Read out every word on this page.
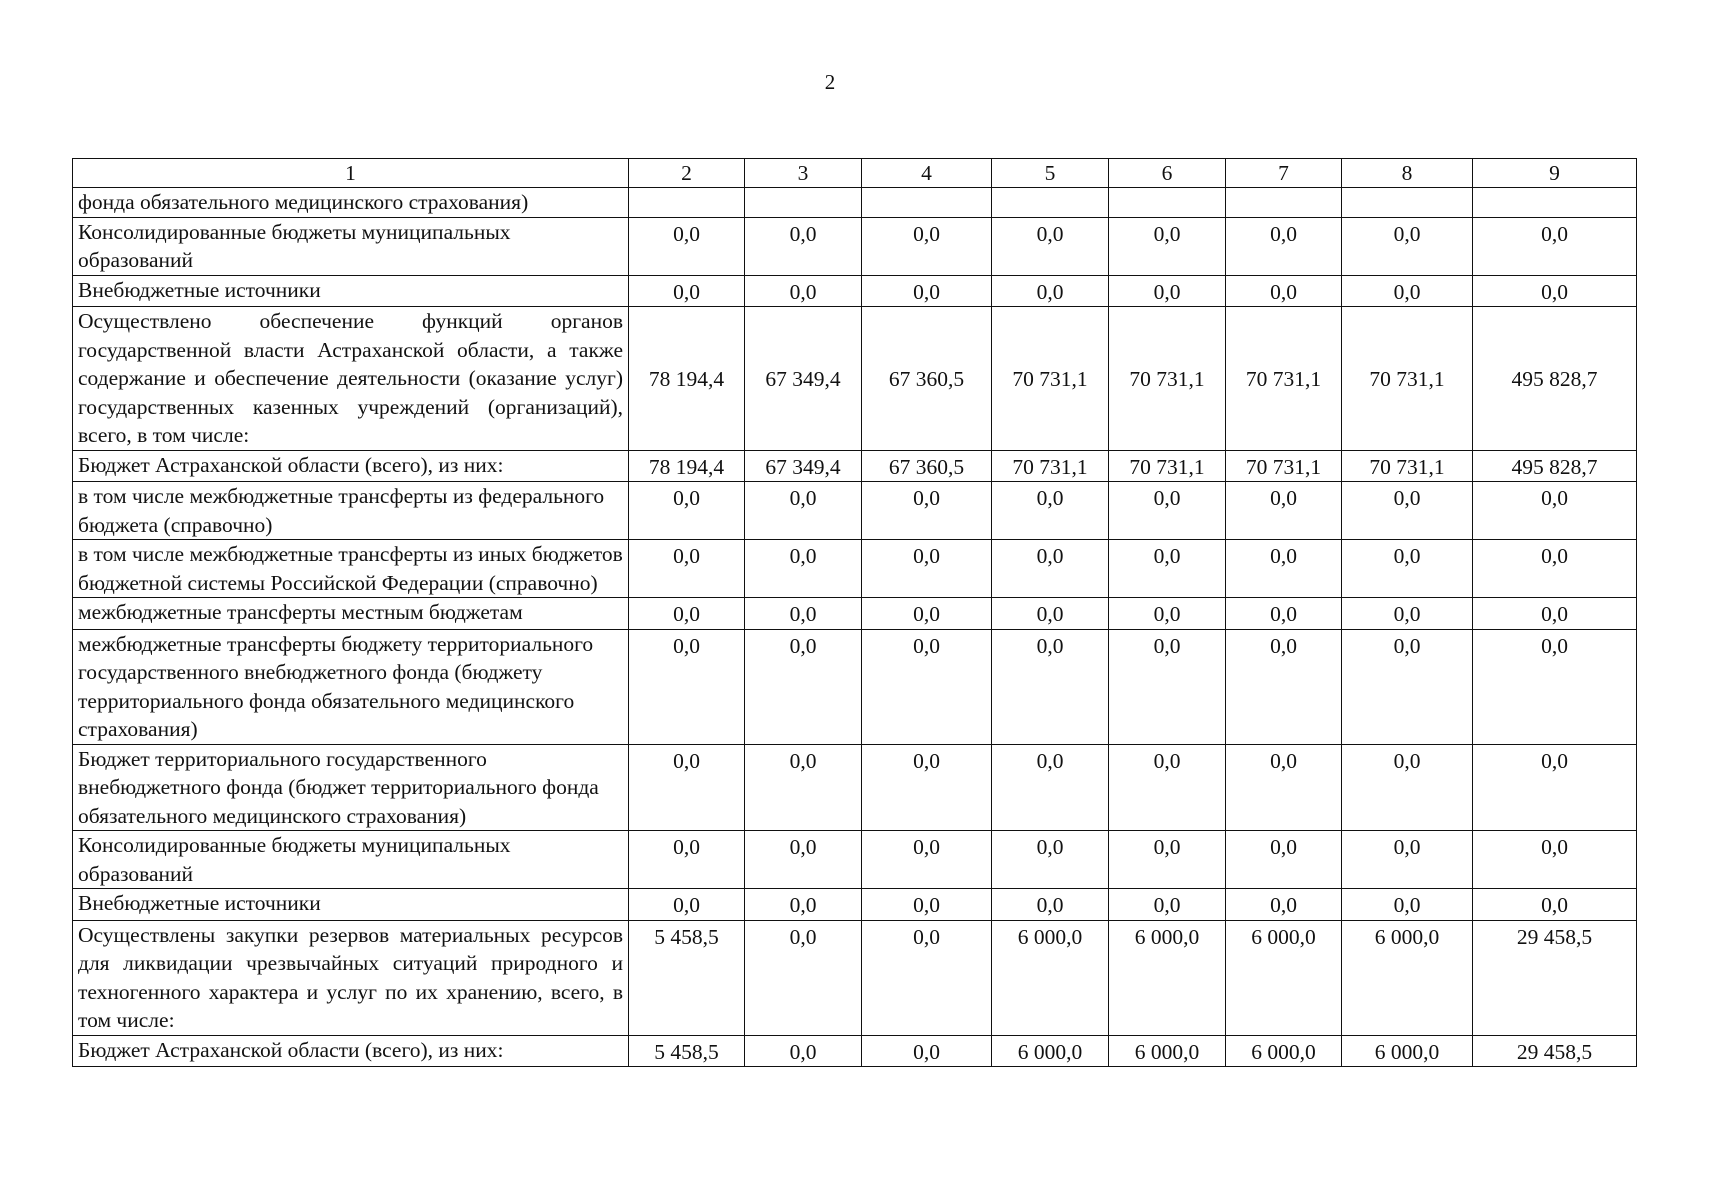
2
1	2	3	4	5	6	7	8	9
фонда обязательного медицинского страхования)								
Консолидированные бюджеты муниципальных образований	0,0	0,0	0,0	0,0	0,0	0,0	0,0	0,0
Внебюджетные источники	0,0	0,0	0,0	0,0	0,0	0,0	0,0	0,0
Осуществлено обеспечение функций органов государственной власти Астраханской области, а также содержание и обеспечение деятельности (оказание услуг) государственных казенных учреждений (организаций), всего, в том числе:	78 194,4	67 349,4	67 360,5	70 731,1	70 731,1	70 731,1	70 731,1	495 828,7
Бюджет Астраханской области (всего), из них:	78 194,4	67 349,4	67 360,5	70 731,1	70 731,1	70 731,1	70 731,1	495 828,7
в том числе межбюджетные трансферты из федерального бюджета (справочно)	0,0	0,0	0,0	0,0	0,0	0,0	0,0	0,0
в том числе межбюджетные трансферты из иных бюджетов бюджетной системы Российской Федерации (справочно)	0,0	0,0	0,0	0,0	0,0	0,0	0,0	0,0
межбюджетные трансферты местным бюджетам	0,0	0,0	0,0	0,0	0,0	0,0	0,0	0,0
межбюджетные трансферты бюджету территориального государственного внебюджетного фонда (бюджету территориального фонда обязательного медицинского страхования)	0,0	0,0	0,0	0,0	0,0	0,0	0,0	0,0
Бюджет территориального государственного внебюджетного фонда (бюджет территориального фонда обязательного медицинского страхования)	0,0	0,0	0,0	0,0	0,0	0,0	0,0	0,0
Консолидированные бюджеты муниципальных образований	0,0	0,0	0,0	0,0	0,0	0,0	0,0	0,0
Внебюджетные источники	0,0	0,0	0,0	0,0	0,0	0,0	0,0	0,0
Осуществлены закупки резервов материальных ресурсов для ликвидации чрезвычайных ситуаций природного и техногенного характера и услуг по их хранению, всего, в том числе:	5 458,5	0,0	0,0	6 000,0	6 000,0	6 000,0	6 000,0	29 458,5
Бюджет Астраханской области (всего), из них:	5 458,5	0,0	0,0	6 000,0	6 000,0	6 000,0	6 000,0	29 458,5
